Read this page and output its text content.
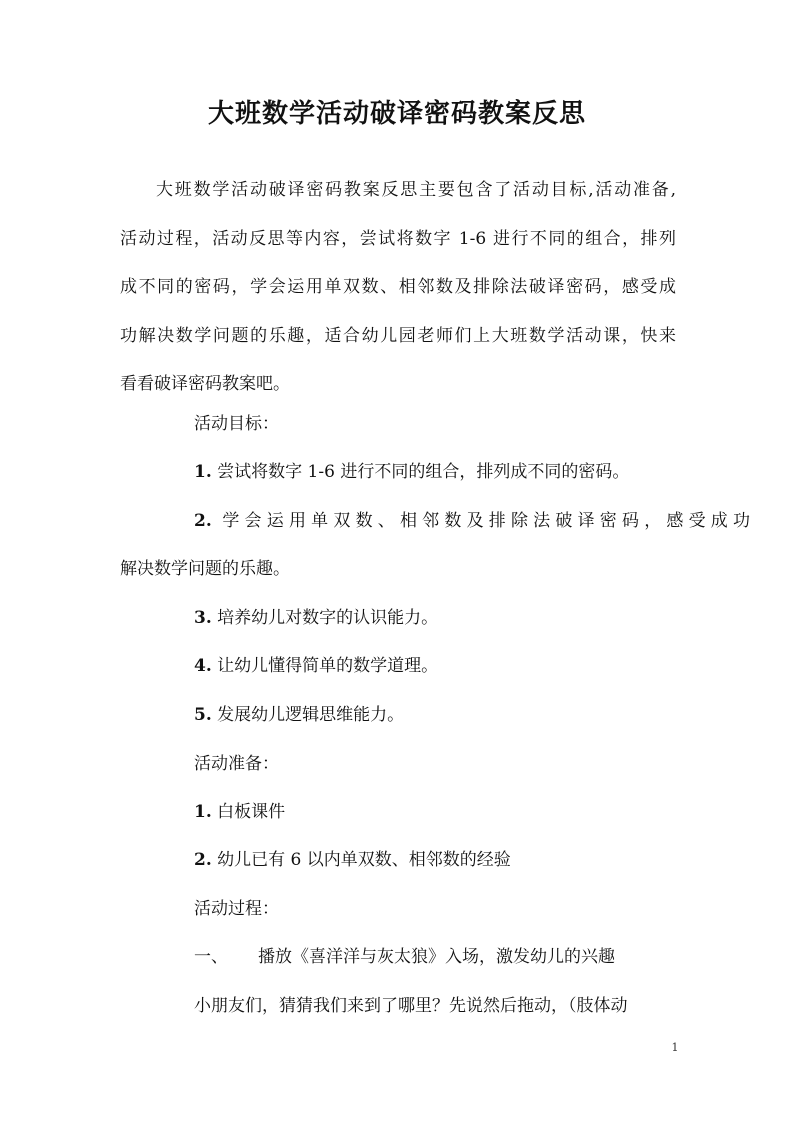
大班数学活动破译密码教案反思
大班数学活动破译密码教案反思主要包含了活动目标,活动准备,
活动过程，活动反思等内容，尝试将数字 1-6 进行不同的组合，排列
成不同的密码，学会运用单双数、相邻数及排除法破译密码，感受成
功解决数学问题的乐趣，适合幼儿园老师们上大班数学活动课，快来
看看破译密码教案吧。
活动目标：
1. 尝试将数字 1-6 进行不同的组合，排列成不同的密码。
2. 学会运用单双数、相邻数及排除法破译密码，感受成功
解决数学问题的乐趣。
3. 培养幼儿对数字的认识能力。
4. 让幼儿懂得简单的数学道理。
5. 发展幼儿逻辑思维能力。
活动准备：
1. 白板课件
2. 幼儿已有 6 以内单双数、相邻数的经验
活动过程：
一、 播放《喜洋洋与灰太狼》入场，激发幼儿的兴趣
小朋友们，猜猜我们来到了哪里？先说然后拖动，（肢体动
1
